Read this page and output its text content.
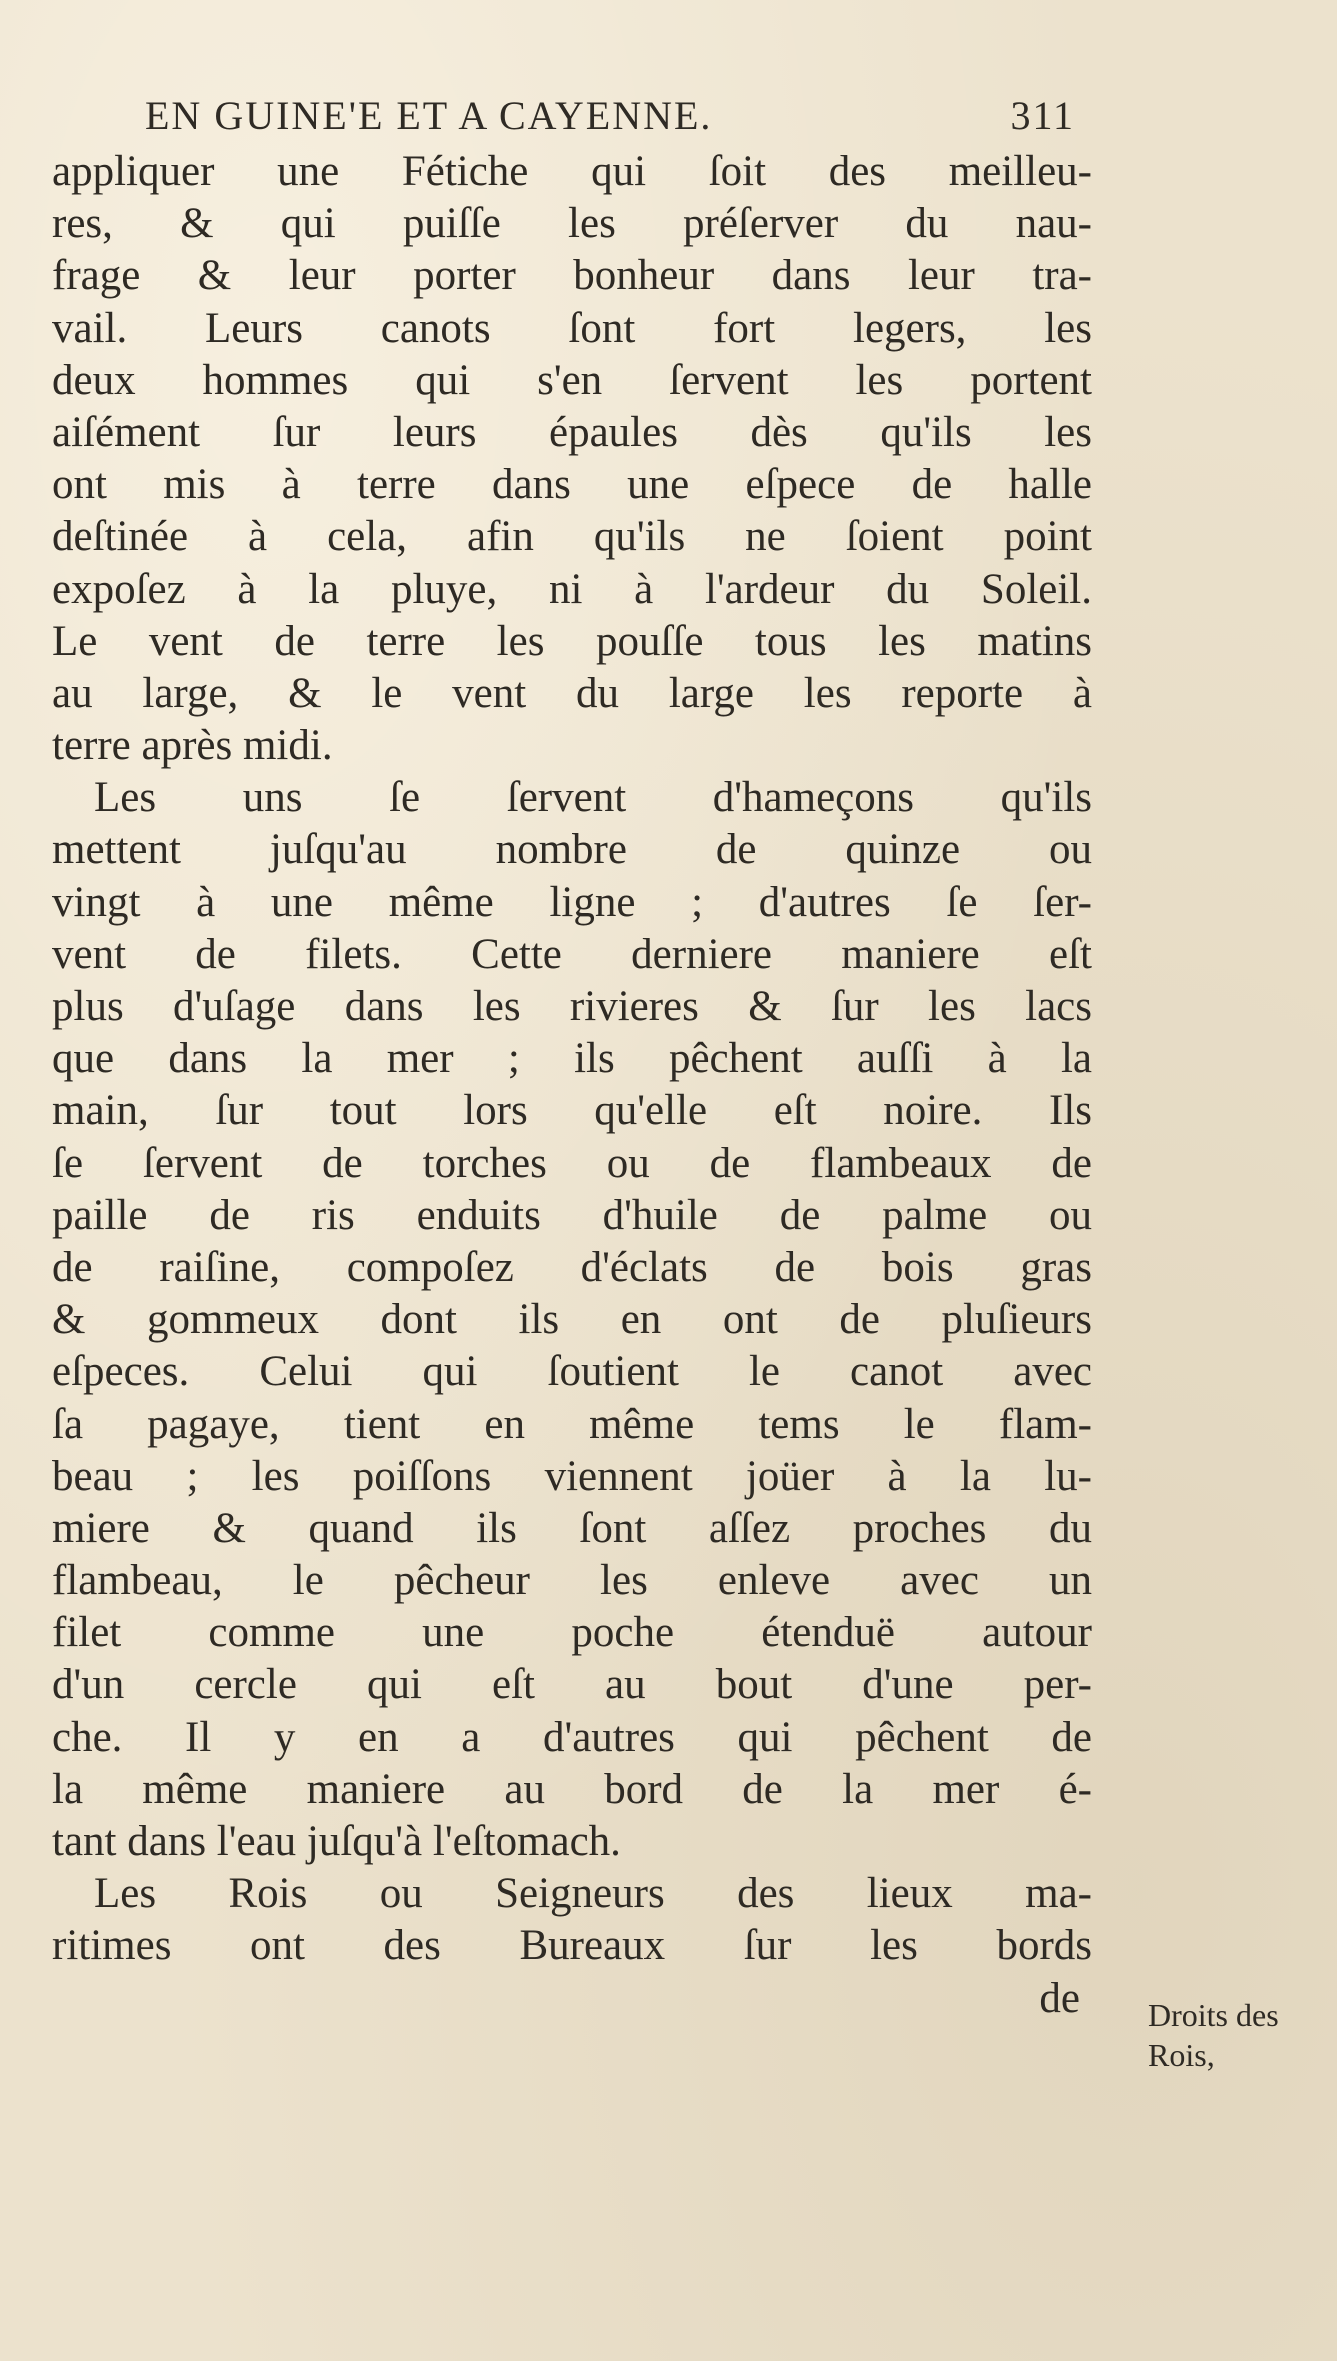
EN GUINE'E ET A CAYENNE.	311
appliquer une Fétiche qui ſoit des meilleu-
res, & qui puiſſe les préſerver du nau-
frage & leur porter bonheur dans leur tra-
vail. Leurs canots ſont fort legers, les
deux hommes qui s'en ſervent les portent
aiſément ſur leurs épaules dès qu'ils les
ont mis à terre dans une eſpece de halle
deſtinée à cela, afin qu'ils ne ſoient point
expoſez à la pluye, ni à l'ardeur du Soleil.
Le vent de terre les pouſſe tous les matins
au large, & le vent du large les reporte à
terre après midi.
Les uns ſe ſervent d'hameçons qu'ils
mettent juſqu'au nombre de quinze ou
vingt à une même ligne ; d'autres ſe ſer-
vent de filets. Cette derniere maniere eſt
plus d'uſage dans les rivieres & ſur les lacs
que dans la mer ; ils pêchent auſſi à la
main, ſur tout lors qu'elle eſt noire. Ils
ſe ſervent de torches ou de flambeaux de
paille de ris enduits d'huile de palme ou
de raiſine, compoſez d'éclats de bois gras
& gommeux dont ils en ont de pluſieurs
eſpeces. Celui qui ſoutient le canot avec
ſa pagaye, tient en même tems le flam-
beau ; les poiſſons viennent joüer à la lu-
miere & quand ils ſont aſſez proches du
flambeau, le pêcheur les enleve avec un
filet comme une poche étenduë autour
d'un cercle qui eſt au bout d'une per-
che. Il y en a d'autres qui pêchent de
la même maniere au bord de la mer é-
tant dans l'eau juſqu'à l'eſtomach.
Les Rois ou Seigneurs des lieux ma-
ritimes ont des Bureaux ſur les bords
de	Droits des
Rois,
